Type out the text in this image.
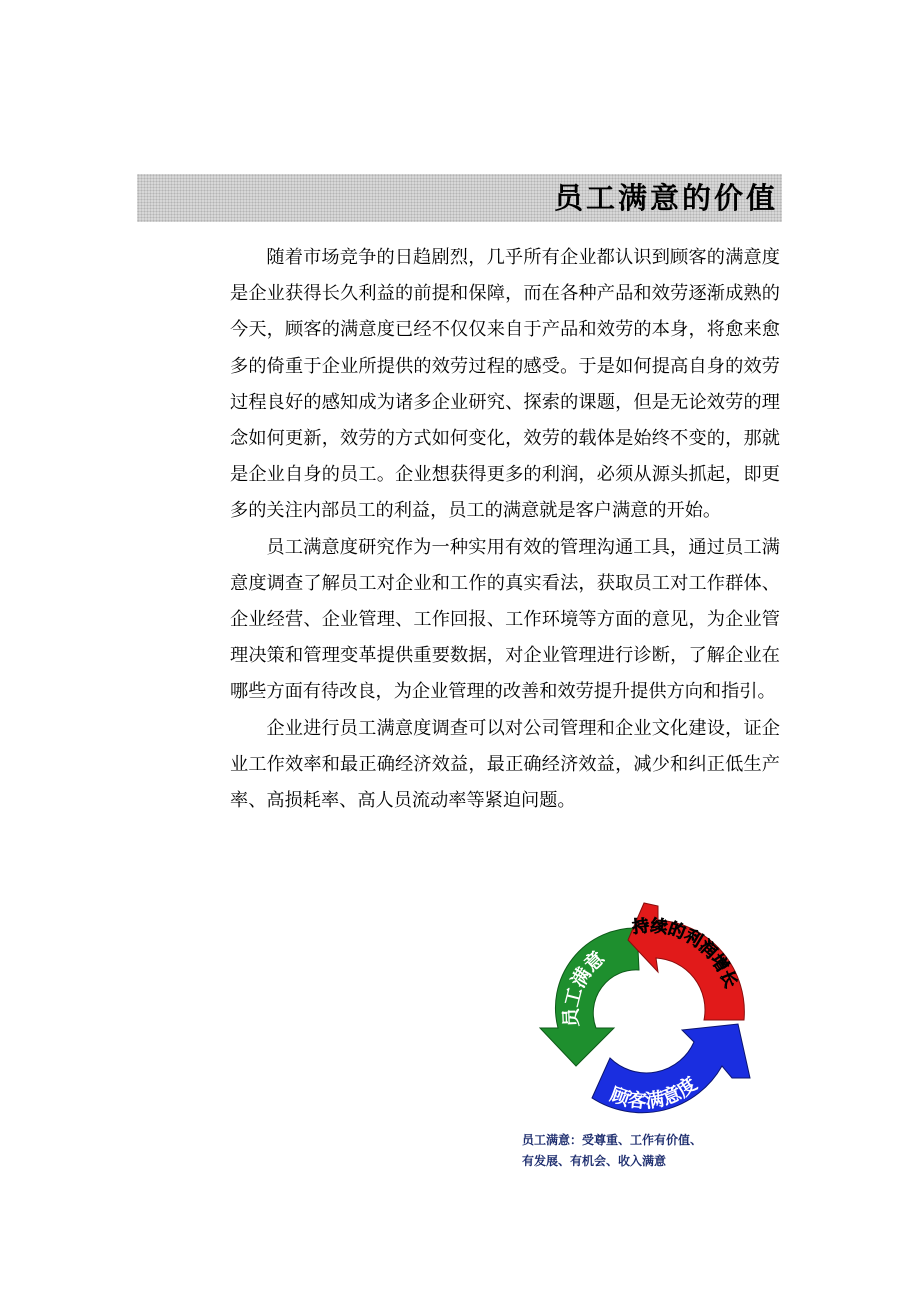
员工满意的价值

随着市场竞争的日趋剧烈，几乎所有企业都认识到顾客的满意度是企业获得长久利益的前提和保障，而在各种产品和效劳逐渐成熟的今天，顾客的满意度已经不仅仅来自于产品和效劳的本身，将愈来愈多的倚重于企业所提供的效劳过程的感受。于是如何提高自身的效劳过程良好的感知成为诸多企业研究、探索的课题，但是无论效劳的理念如何更新，效劳的方式如何变化，效劳的载体是始终不变的，那就是企业自身的员工。企业想获得更多的利润，必须从源头抓起，即更多的关注内部员工的利益，员工的满意就是客户满意的开始。

员工满意度研究作为一种实用有效的管理沟通工具，通过员工满意度调查了解员工对企业和工作的真实看法，获取员工对工作群体、企业经营、企业管理、工作回报、工作环境等方面的意见，为企业管理决策和管理变革提供重要数据，对企业管理进行诊断，了解企业在哪些方面有待改良，为企业管理的改善和效劳提升提供方向和指引。

企业进行员工满意度调查可以对公司管理和企业文化建设，证企业工作效率和最正确经济效益，最正确经济效益，减少和纠正低生产率、高损耗率、高人员流动率等紧迫问题。

员工满意
持续的利润增长
顾客满意度
员工满意：受尊重、工作有价值、
有发展、有机会、收入满意
